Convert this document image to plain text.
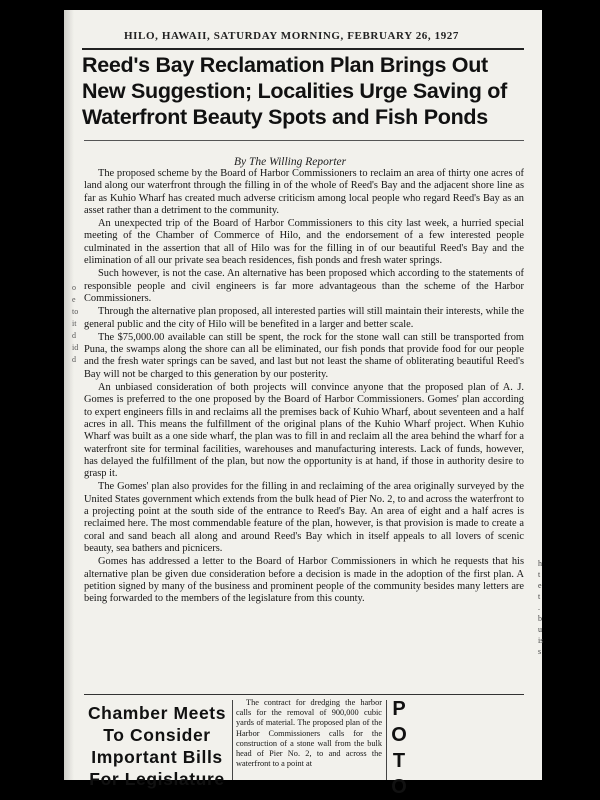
o
e
to
it
d
id
d
h
t
e
t
.
b
u
is
s
HILO, HAWAII, SATURDAY MORNING, FEBRUARY 26, 1927
Reed's Bay Reclamation Plan Brings Out
New Suggestion; Localities Urge Saving of
Waterfront Beauty Spots and Fish Ponds
By The Willing Reporter

The proposed scheme by the Board of Harbor Commissioners to reclaim an area of thirty one acres of land along our waterfront through the filling in of the whole of Reed's Bay and the adjacent shore line as far as Kuhio Wharf has created much adverse criticism among local people who regard Reed's Bay as an asset rather than a detriment to the community.

An unexpected trip of the Board of Harbor Commissioners to this city last week, a hurried special meeting of the Chamber of Commerce of Hilo, and the endorsement of a few interested people culminated in the assertion that all of Hilo was for the filling in of our beautiful Reed's Bay and the elimination of all our private sea beach residences, fish ponds and fresh water springs.

Such however, is not the case. An alternative has been proposed which according to the statements of responsible people and civil engineers is far more advantageous than the scheme of the Harbor Commissioners.

Through the alternative plan proposed, all interested parties will still maintain their interests, while the general public and the city of Hilo will be benefited in a larger and better scale.

The $75,000.00 available can still be spent, the rock for the stone wall can still be transported from Puna, the swamps along the shore can all be eliminated, our fish ponds that provide food for our people and the fresh water springs can be saved, and last but not least the shame of obliterating beautiful Reed's Bay will not be charged to this generation by our posterity.

An unbiased consideration of both projects will convince anyone that the proposed plan of A. J. Gomes is preferred to the one proposed by the Board of Harbor Commissioners. Gomes' plan according to expert engineers fills in and reclaims all the premises back of Kuhio Wharf, about seventeen and a half acres in all. This means the fulfillment of the original plans of the Kuhio Wharf project. When Kuhio Wharf was built as a one side wharf, the plan was to fill in and reclaim all the area behind the wharf for a waterfront site for terminal facilities, warehouses and manufacturing interests. Lack of funds, however, has delayed the fulfillment of the plan, but now the opportunity is at hand, if those in authority desire to grasp it.

The Gomes' plan also provides for the filling in and reclaiming of the area originally surveyed by the United States government which extends from the bulk head of Pier No. 2, to and across the waterfront to a projecting point at the south side of the entrance to Reed's Bay. An area of eight and a half acres is reclaimed here. The most commendable feature of the plan, however, is that provision is made to create a coral and sand beach all along and around Reed's Bay which in itself appeals to all lovers of scenic beauty, sea bathers and picnicers.

Gomes has addressed a letter to the Board of Harbor Commissioners in which he requests that his alternative plan be given due consideration before a decision is made in the adoption of the first plan. A petition signed by many of the business and prominent people of the community besides many letters are being forwarded to the members of the legislature from this county.

Chamber Meets
To Consider
Important Bills
For Legislature

The contract for dredging the harbor calls for the removal of 900,000 cubic yards of material. The proposed plan of the Harbor Commissioners calls for the construction of a stone wall from the bulk head of Pier No. 2, to and across the waterfront to a point at

P
O
T
O
